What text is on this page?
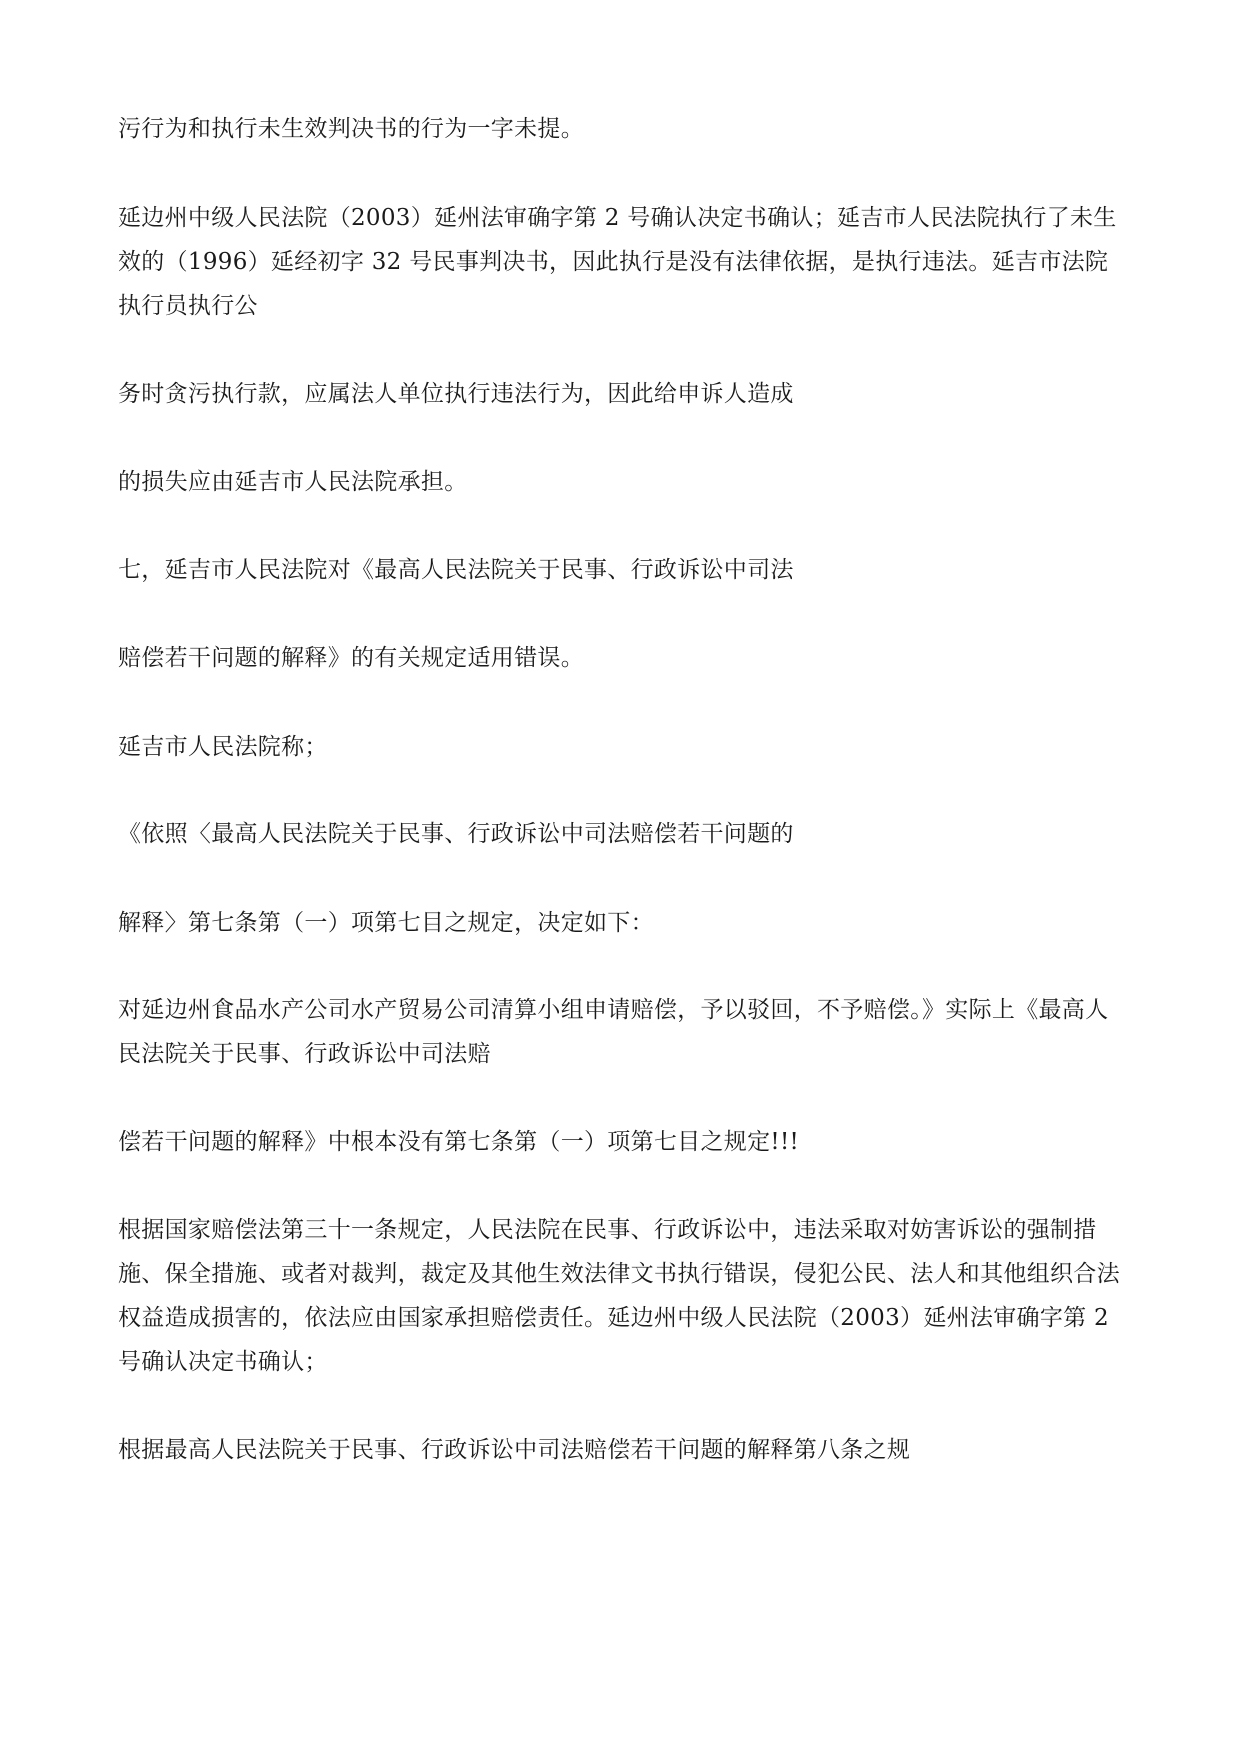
污行为和执行未生效判决书的行为一字未提。

延边州中级人民法院（2003）延州法审确字第 2 号确认决定书确认；延吉市人民法院执行了未生效的（1996）延经初字 32 号民事判决书，因此执行是没有法律依据，是执行违法。延吉市法院执行员执行公

务时贪污执行款，应属法人单位执行违法行为，因此给申诉人造成

的损失应由延吉市人民法院承担。

七，延吉市人民法院对《最高人民法院关于民事、行政诉讼中司法

赔偿若干问题的解释》的有关规定适用错误。

延吉市人民法院称；

《依照〈最高人民法院关于民事、行政诉讼中司法赔偿若干问题的

解释〉第七条第（一）项第七目之规定，决定如下：

对延边州食品水产公司水产贸易公司清算小组申请赔偿，予以驳回，不予赔偿。》实际上《最高人民法院关于民事、行政诉讼中司法赔

偿若干问题的解释》中根本没有第七条第（一）项第七目之规定!!!

根据国家赔偿法第三十一条规定，人民法院在民事、行政诉讼中，违法采取对妨害诉讼的强制措施、保全措施、或者对裁判，裁定及其他生效法律文书执行错误，侵犯公民、法人和其他组织合法权益造成损害的，依法应由国家承担赔偿责任。延边州中级人民法院（2003）延州法审确字第 2 号确认决定书确认；

根据最高人民法院关于民事、行政诉讼中司法赔偿若干问题的解释第八条之规
